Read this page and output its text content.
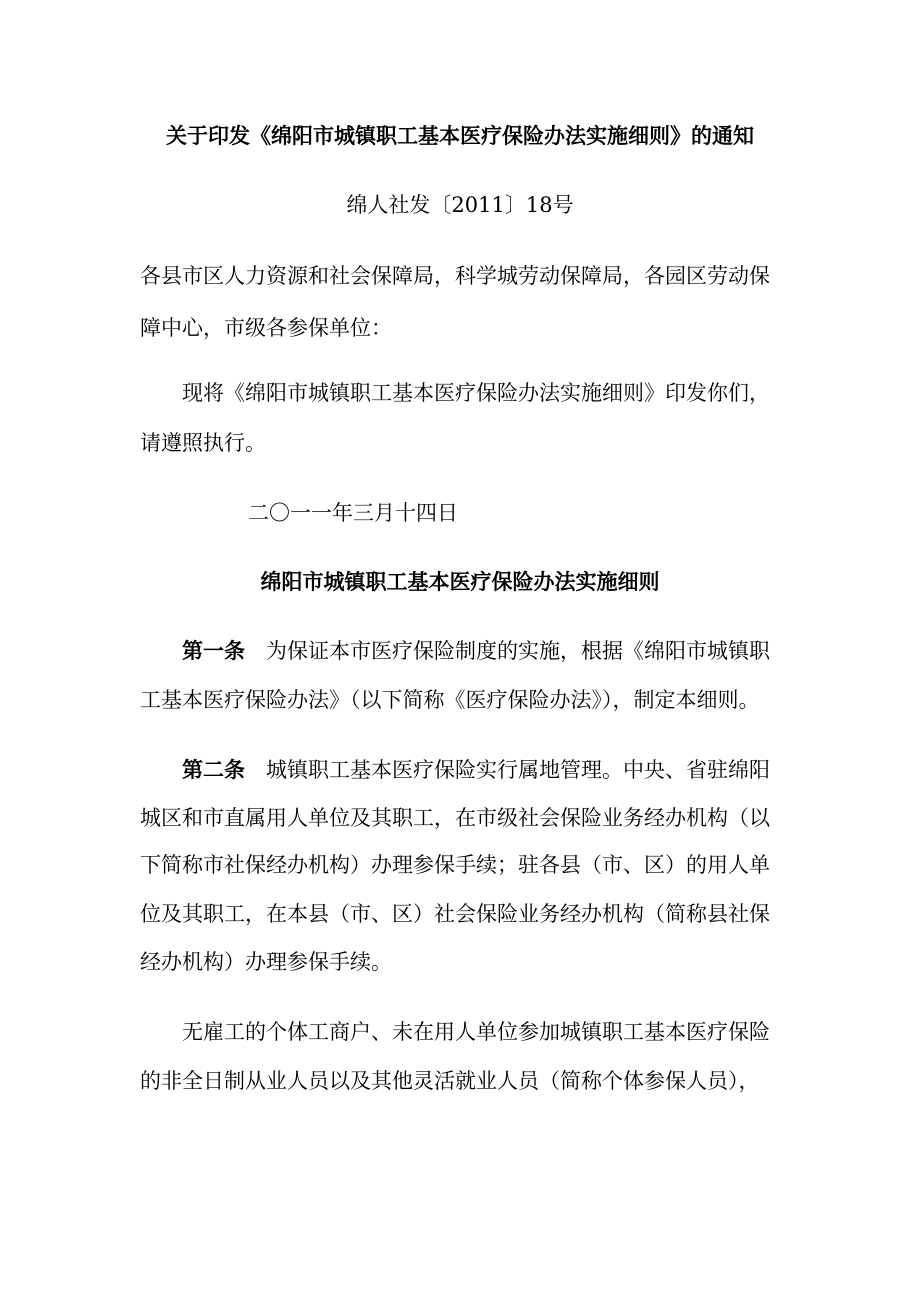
关于印发《绵阳市城镇职工基本医疗保险办法实施细则》的通知
绵人社发〔2011〕18号
各县市区人力资源和社会保障局，科学城劳动保障局，各园区劳动保
障中心，市级各参保单位：
现将《绵阳市城镇职工基本医疗保险办法实施细则》印发你们，
请遵照执行。
二〇一一年三月十四日
绵阳市城镇职工基本医疗保险办法实施细则
第一条  为保证本市医疗保险制度的实施，根据《绵阳市城镇职
工基本医疗保险办法》（以下简称《医疗保险办法》），制定本细则。
第二条  城镇职工基本医疗保险实行属地管理。中央、省驻绵阳
城区和市直属用人单位及其职工，在市级社会保险业务经办机构（以
下简称市社保经办机构）办理参保手续；驻各县（市、区）的用人单
位及其职工，在本县（市、区）社会保险业务经办机构（简称县社保
经办机构）办理参保手续。
无雇工的个体工商户、未在用人单位参加城镇职工基本医疗保险
的非全日制从业人员以及其他灵活就业人员（简称个体参保人员），
